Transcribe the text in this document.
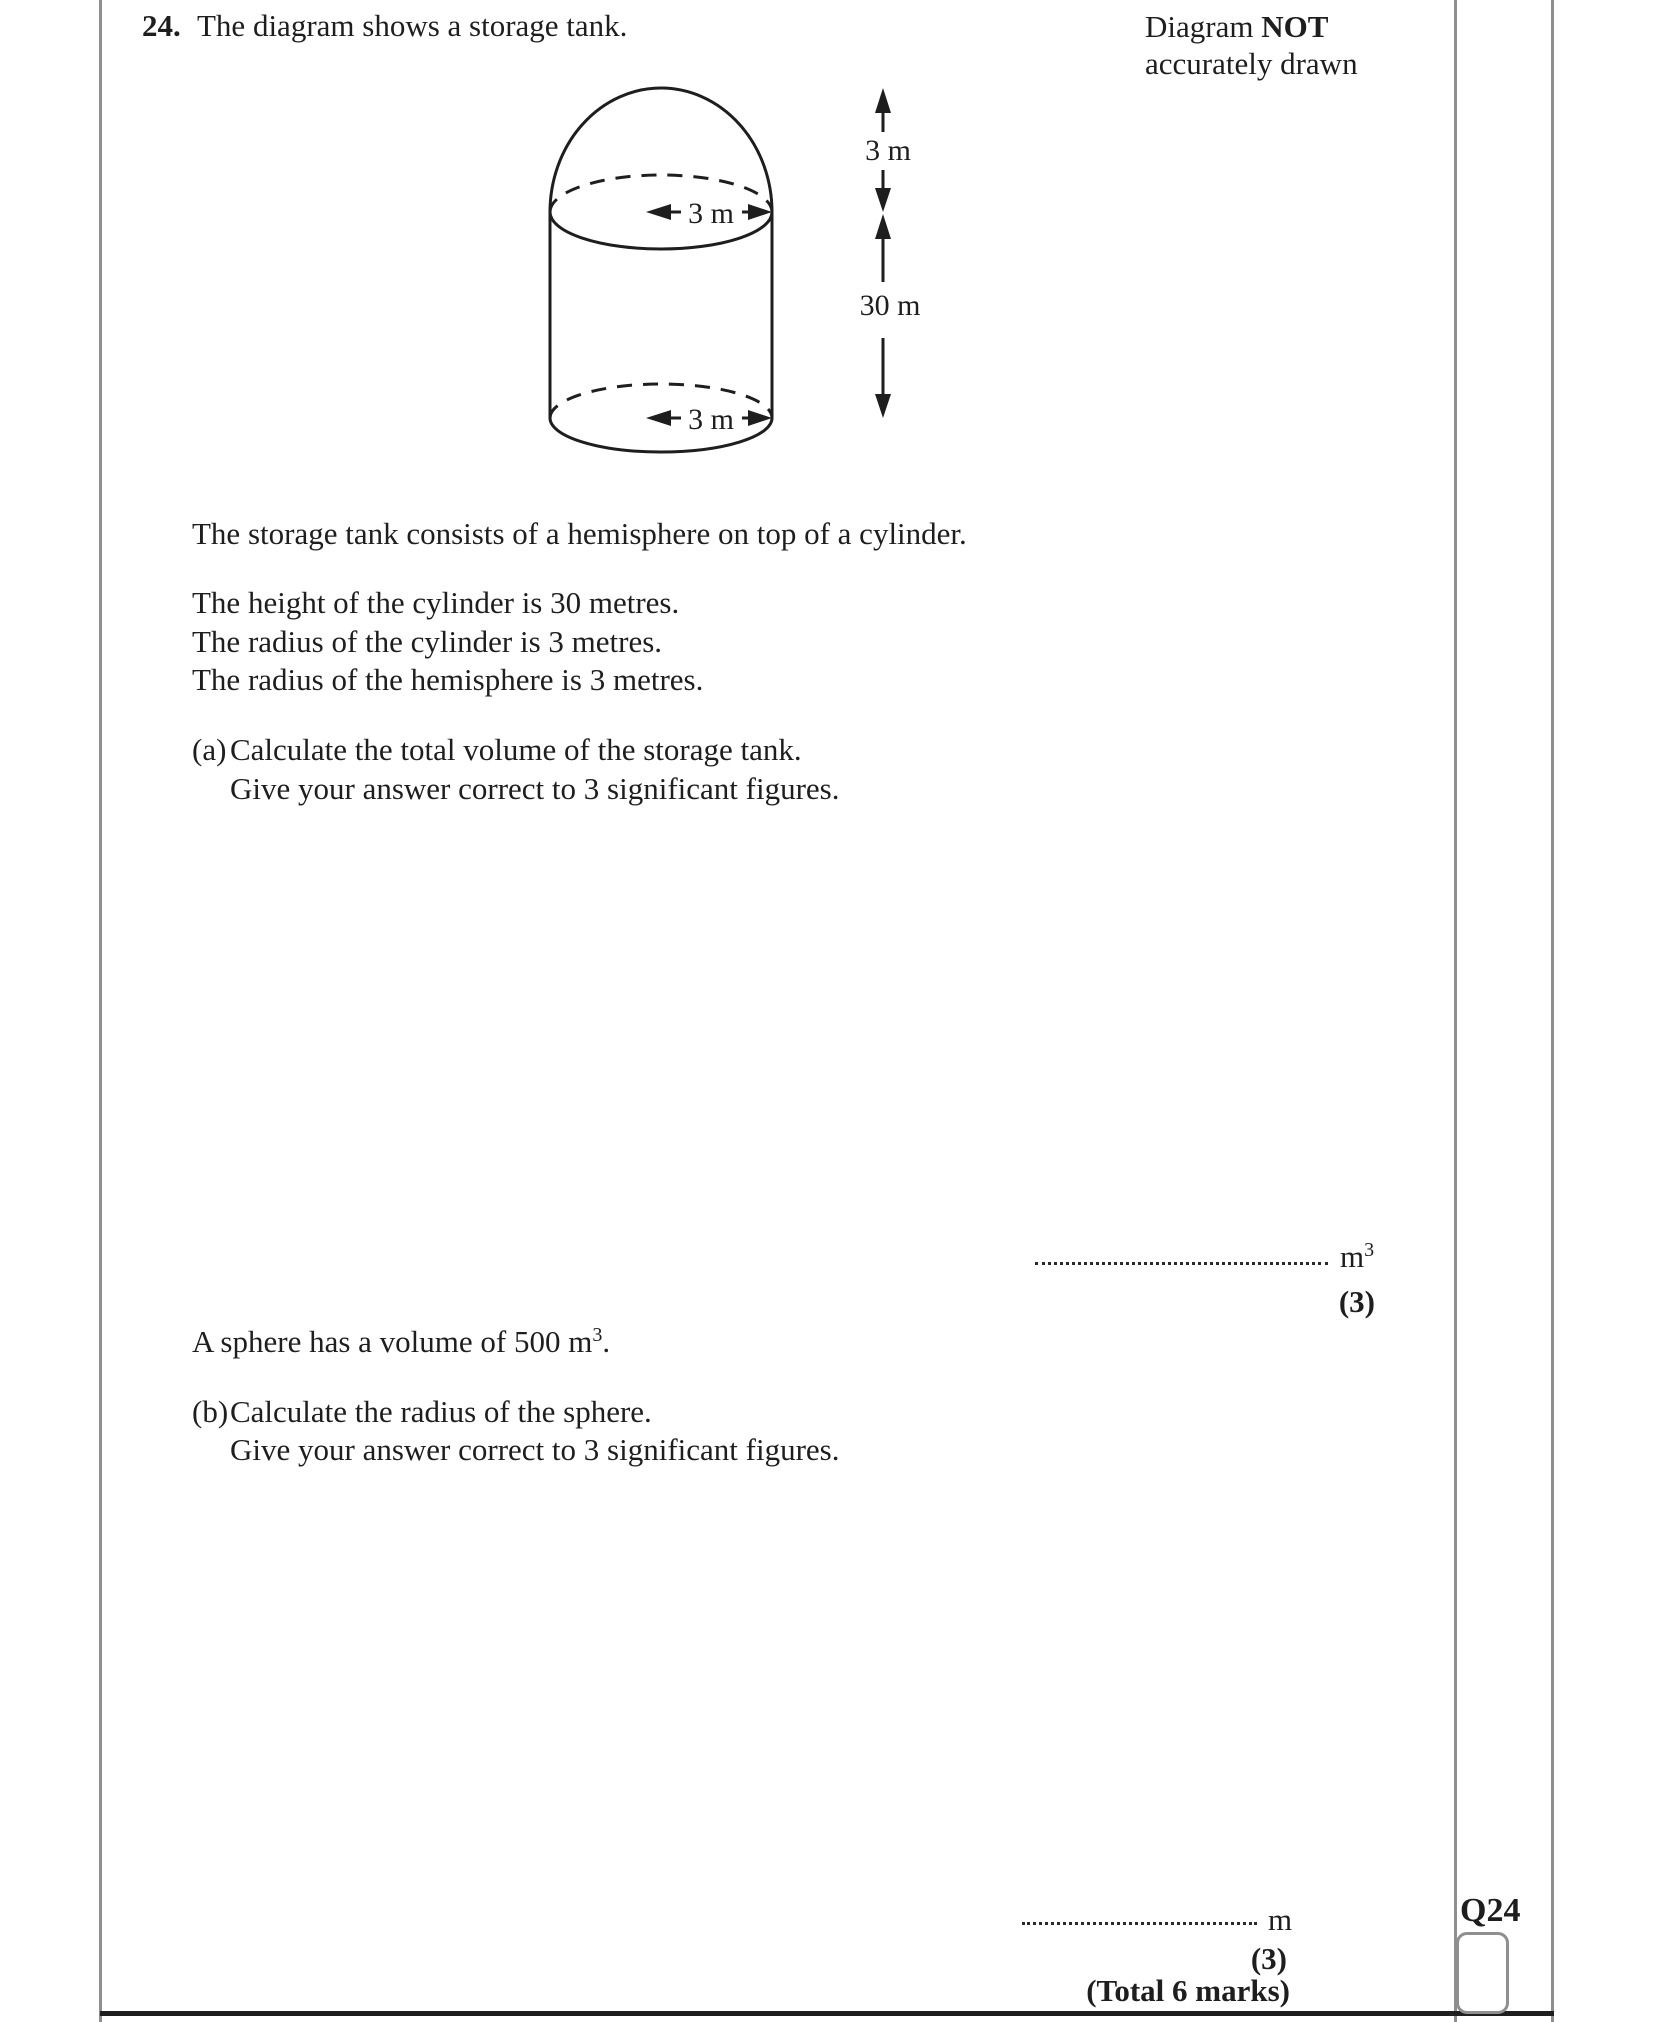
24. The diagram shows a storage tank.	Diagram NOT
accurately drawn
3 m
3 m
3 m
30 m
The storage tank consists of a hemisphere on top of a cylinder.
The height of the cylinder is 30 metres.
The radius of the cylinder is 3 metres.
The radius of the hemisphere is 3 metres.
(a) Calculate the total volume of the storage tank.
Give your answer correct to 3 significant figures.
$m^3$
(3)
A sphere has a volume of 500 $m^3$.
(b) Calculate the radius of the sphere.
Give your answer correct to 3 significant figures.
m
(3)
(Total 6 marks)
Q24
